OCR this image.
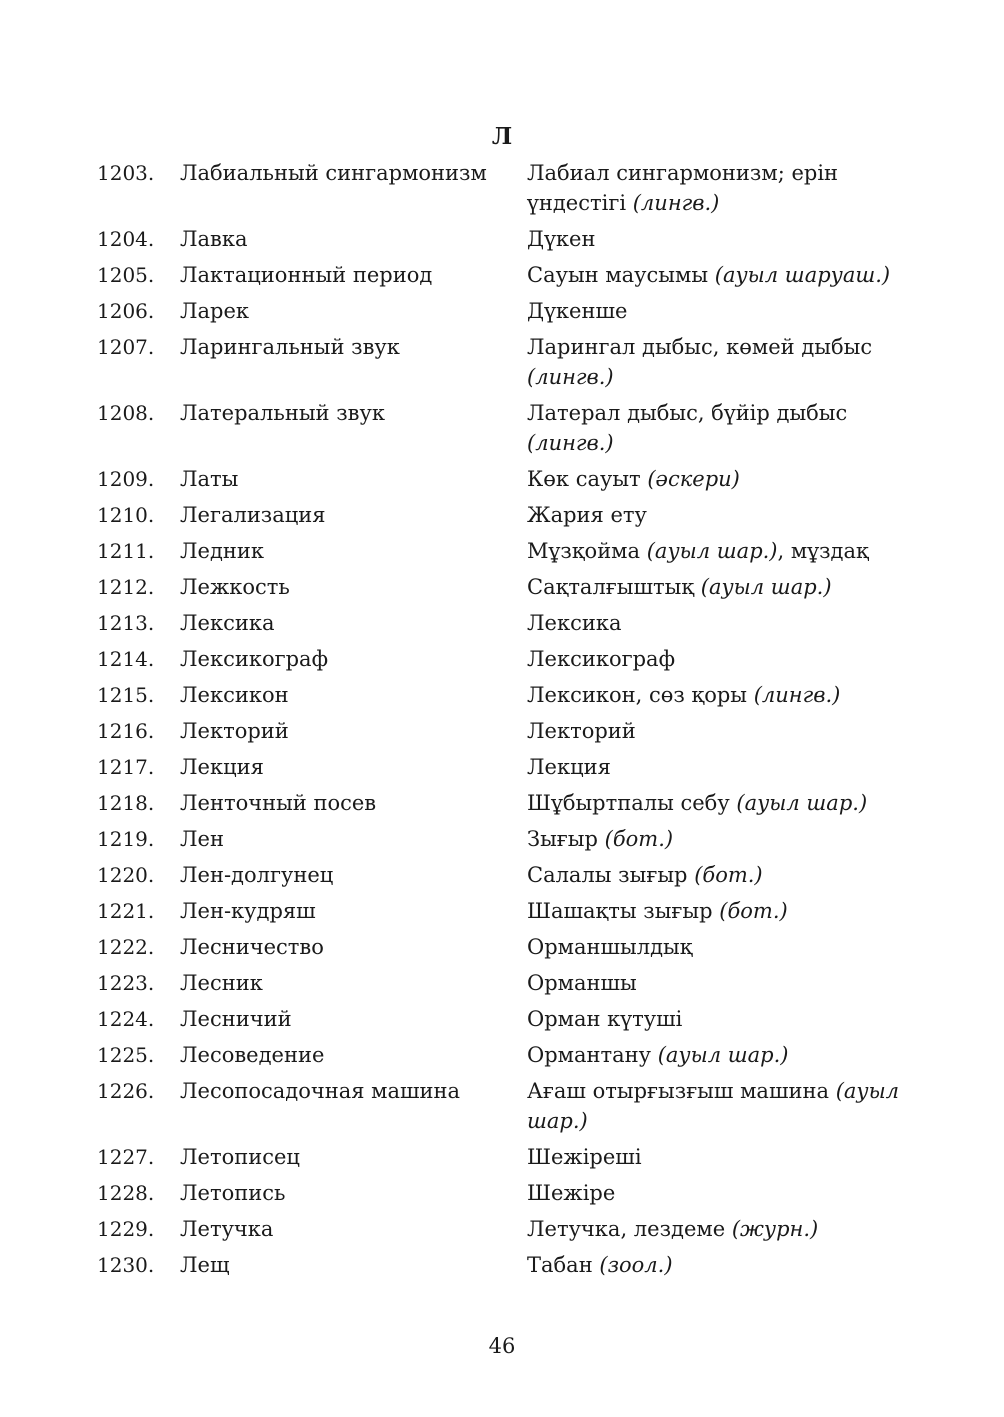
Л
1203.	Лабиальный сингармонизм	Лабиал сингармонизм; ерін үндестігі (лингв.)
1204.	Лавка	Дүкен
1205.	Лактационный период	Сауын маусымы (ауыл шаруаш.)
1206.	Ларек	Дүкенше
1207.	Ларингальный звук	Ларингал дыбыс, көмей дыбыс (лингв.)
1208.	Латеральный звук	Латерал дыбыс, бүйір дыбыс (лингв.)
1209.	Латы	Көк сауыт (әскери)
1210.	Легализация	Жария ету
1211.	Ледник	Мұзқойма (ауыл шар.), мұздақ
1212.	Лежкость	Сақталғыштық (ауыл шар.)
1213.	Лексика	Лексика
1214.	Лексикограф	Лексикограф
1215.	Лексикон	Лексикон, сөз қоры (лингв.)
1216.	Лекторий	Лекторий
1217.	Лекция	Лекция
1218.	Ленточный посев	Шұбыртпалы себу (ауыл шар.)
1219.	Лен	Зығыр (бот.)
1220.	Лен-долгунец	Салалы зығыр (бот.)
1221.	Лен-кудряш	Шашақты зығыр (бот.)
1222.	Лесничество	Орманшылдық
1223.	Лесник	Орманшы
1224.	Лесничий	Орман күтуші
1225.	Лесоведение	Ормантану (ауыл шар.)
1226.	Лесопосадочная машина	Ағаш отырғызғыш машина (ауыл шар.)
1227.	Летописец	Шежіреші
1228.	Летопись	Шежіре
1229.	Летучка	Летучка, лездеме (журн.)
1230.	Лещ	Табан (зоол.)
46
